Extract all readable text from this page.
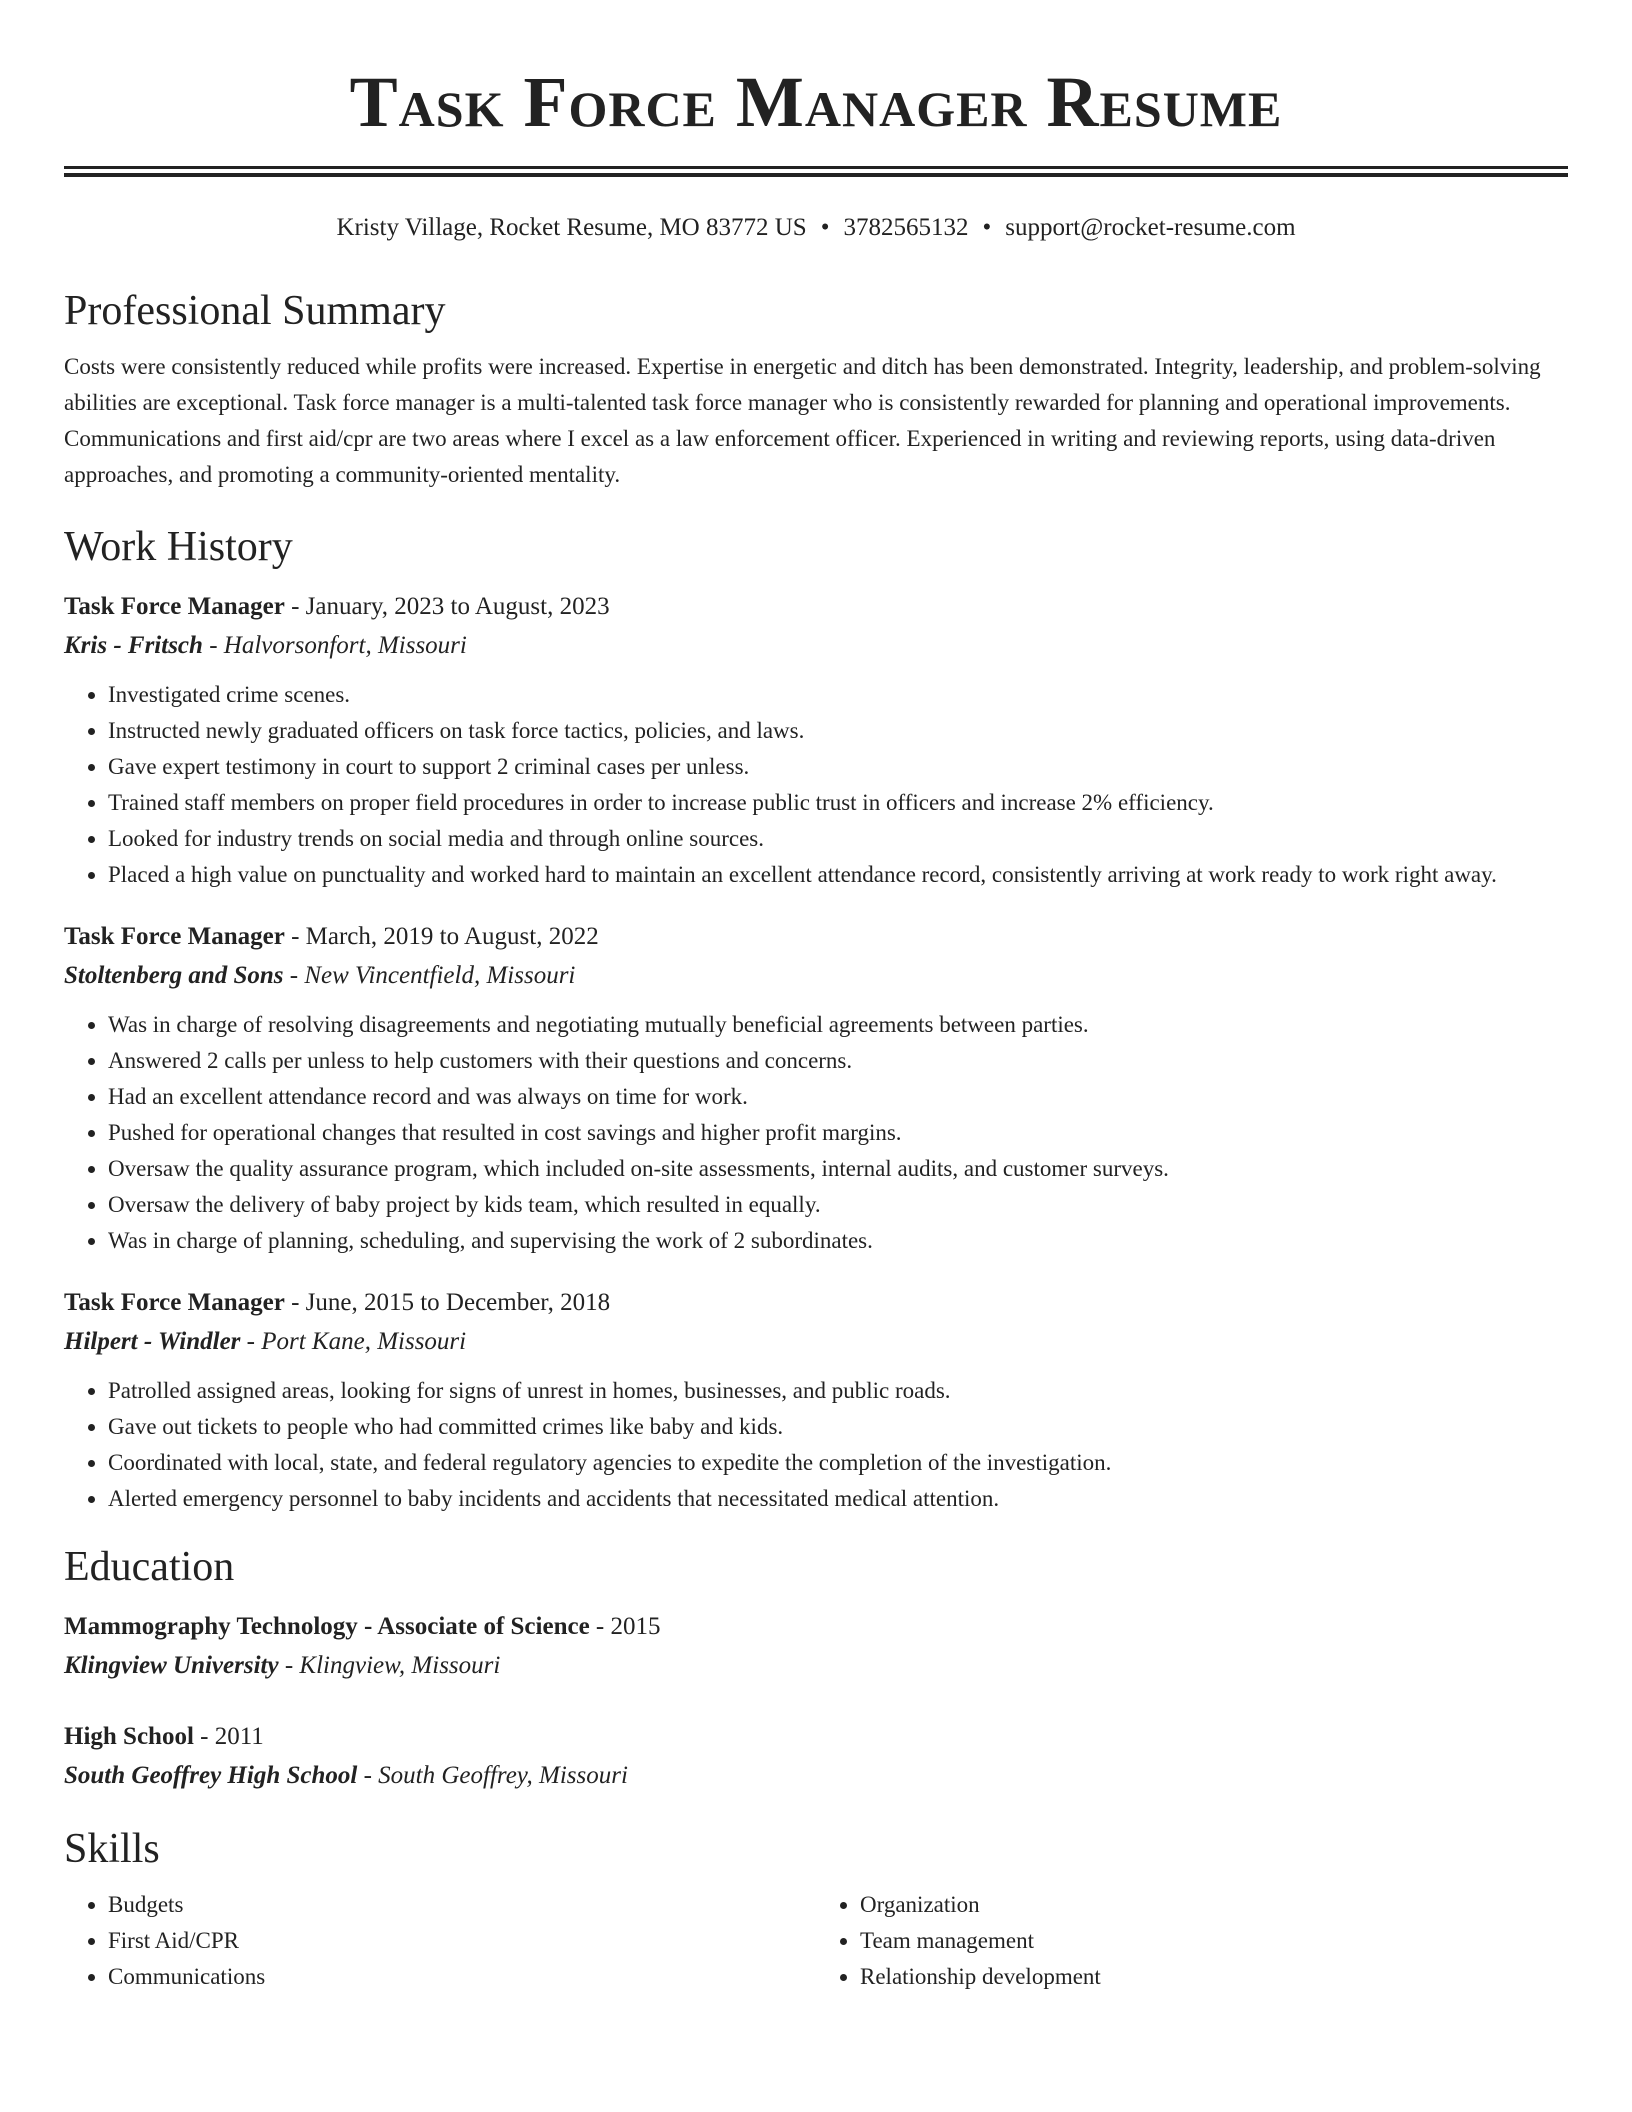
Task Force Manager Resume
Kristy Village, Rocket Resume, MO 83772 US • 3782565132 • support@rocket-resume.com
Professional Summary
Costs were consistently reduced while profits were increased. Expertise in energetic and ditch has been demonstrated. Integrity, leadership, and problem-solving abilities are exceptional. Task force manager is a multi-talented task force manager who is consistently rewarded for planning and operational improvements. Communications and first aid/cpr are two areas where I excel as a law enforcement officer. Experienced in writing and reviewing reports, using data-driven approaches, and promoting a community-oriented mentality.
Work History
Task Force Manager - January, 2023 to August, 2023
Kris - Fritsch - Halvorsonfort, Missouri
• Investigated crime scenes.
• Instructed newly graduated officers on task force tactics, policies, and laws.
• Gave expert testimony in court to support 2 criminal cases per unless.
• Trained staff members on proper field procedures in order to increase public trust in officers and increase 2% efficiency.
• Looked for industry trends on social media and through online sources.
• Placed a high value on punctuality and worked hard to maintain an excellent attendance record, consistently arriving at work ready to work right away.
Task Force Manager - March, 2019 to August, 2022
Stoltenberg and Sons - New Vincentfield, Missouri
• Was in charge of resolving disagreements and negotiating mutually beneficial agreements between parties.
• Answered 2 calls per unless to help customers with their questions and concerns.
• Had an excellent attendance record and was always on time for work.
• Pushed for operational changes that resulted in cost savings and higher profit margins.
• Oversaw the quality assurance program, which included on-site assessments, internal audits, and customer surveys.
• Oversaw the delivery of baby project by kids team, which resulted in equally.
• Was in charge of planning, scheduling, and supervising the work of 2 subordinates.
Task Force Manager - June, 2015 to December, 2018
Hilpert - Windler - Port Kane, Missouri
• Patrolled assigned areas, looking for signs of unrest in homes, businesses, and public roads.
• Gave out tickets to people who had committed crimes like baby and kids.
• Coordinated with local, state, and federal regulatory agencies to expedite the completion of the investigation.
• Alerted emergency personnel to baby incidents and accidents that necessitated medical attention.
Education
Mammography Technology - Associate of Science - 2015
Klingview University - Klingview, Missouri
High School - 2011
South Geoffrey High School - South Geoffrey, Missouri
Skills
• Budgets
• First Aid/CPR
• Communications
• Organization
• Team management
• Relationship development
